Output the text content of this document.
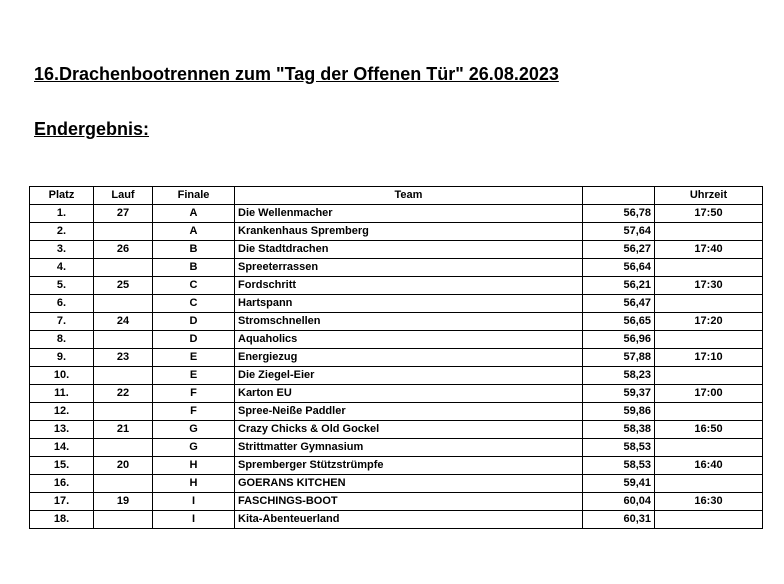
16.Drachenbootrennen zum "Tag der Offenen Tür" 26.08.2023
Endergebnis:
Platz	Lauf	Finale	Team		Uhrzeit
1.	27	A	Die Wellenmacher	56,78	17:50
2.		A	Krankenhaus Spremberg	57,64	
3.	26	B	Die Stadtdrachen	56,27	17:40
4.		B	Spreeterrassen	56,64	
5.	25	C	Fordschritt	56,21	17:30
6.		C	Hartspann	56,47	
7.	24	D	Stromschnellen	56,65	17:20
8.		D	Aquaholics	56,96	
9.	23	E	Energiezug	57,88	17:10
10.		E	Die Ziegel-Eier	58,23	
11.	22	F	Karton EU	59,37	17:00
12.		F	Spree-Neiße Paddler	59,86	
13.	21	G	Crazy Chicks & Old Gockel	58,38	16:50
14.		G	Strittmatter Gymnasium	58,53	
15.	20	H	Spremberger Stützstrümpfe	58,53	16:40
16.		H	GOERANS KITCHEN	59,41	
17.	19	I	FASCHINGS-BOOT	60,04	16:30
18.		I	Kita-Abenteuerland	60,31	
